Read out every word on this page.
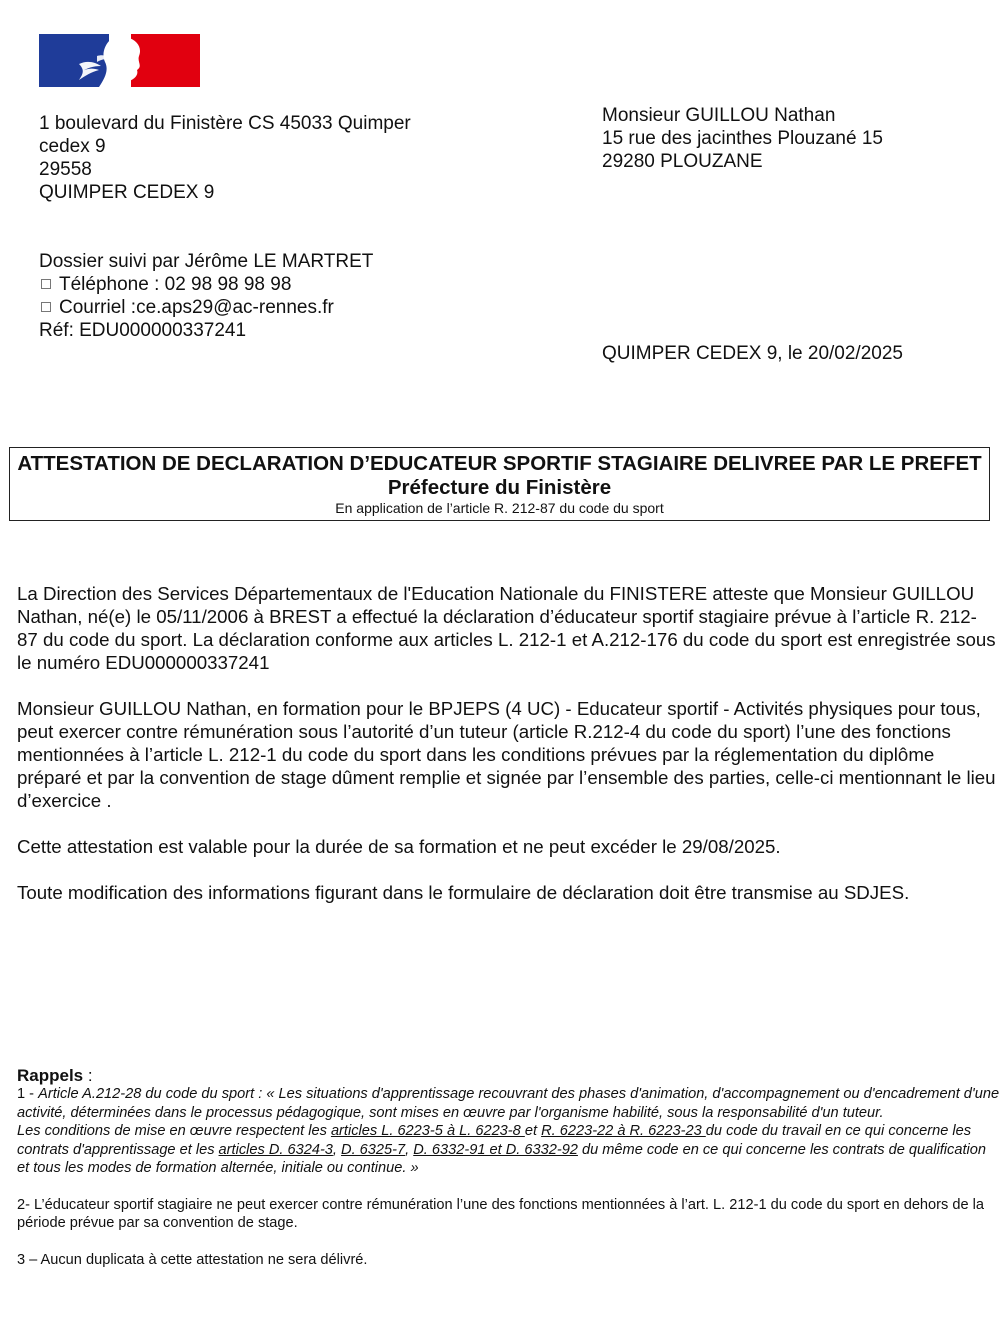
1 boulevard du Finistère CS 45033 Quimper
cedex 9
29558
QUIMPER CEDEX 9
Monsieur GUILLOU Nathan
15 rue des jacinthes Plouzané 15
29280 PLOUZANE
Dossier suivi par Jérôme LE MARTRET
Téléphone : 02 98 98 98 98
Courriel :ce.aps29@ac-rennes.fr
Réf: EDU000000337241
QUIMPER CEDEX 9, le 20/02/2025
ATTESTATION DE DECLARATION D’EDUCATEUR SPORTIF STAGIAIRE DELIVREE PAR LE PREFET Préfecture du Finistère
En application de l’article R. 212-87 du code du sport

La Direction des Services Départementaux de l'Education Nationale du FINISTERE atteste que Monsieur GUILLOU Nathan, né(e) le 05/11/2006 à BREST a effectué la déclaration d’éducateur sportif stagiaire prévue à l’article R. 212-87 du code du sport. La déclaration conforme aux articles L. 212-1 et A.212-176 du code du sport est enregistrée sous le numéro EDU000000337241

Monsieur GUILLOU Nathan, en formation pour le BPJEPS (4 UC) - Educateur sportif - Activités physiques pour tous, peut exercer contre rémunération sous l’autorité d’un tuteur (article R.212-4 du code du sport) l’une des fonctions mentionnées à l’article L. 212-1 du code du sport dans les conditions prévues par la réglementation du diplôme préparé et par la convention de stage dûment remplie et signée par l’ensemble des parties, celle-ci mentionnant le lieu d’exercice .

Cette attestation est valable pour la durée de sa formation et ne peut excéder le 29/08/2025.

Toute modification des informations figurant dans le formulaire de déclaration doit être transmise au SDJES.

Rappels :

1 - Article A.212-28 du code du sport : « Les situations d'apprentissage recouvrant des phases d'animation, d'accompagnement ou d'encadrement d'une activité, déterminées dans le processus pédagogique, sont mises en œuvre par l'organisme habilité, sous la responsabilité d'un tuteur.

Les conditions de mise en œuvre respectent les articles L. 6223-5 à L. 6223-8 et R. 6223-22 à R. 6223-23 du code du travail en ce qui concerne les contrats d'apprentissage et les articles D. 6324-3, D. 6325-7, D. 6332-91 et D. 6332-92 du même code en ce qui concerne les contrats de qualification et tous les modes de formation alternée, initiale ou continue. »

2- L’éducateur sportif stagiaire ne peut exercer contre rémunération l’une des fonctions mentionnées à l’art. L. 212-1 du code du sport en dehors de la période prévue par sa convention de stage.

3 – Aucun duplicata à cette attestation ne sera délivré.
